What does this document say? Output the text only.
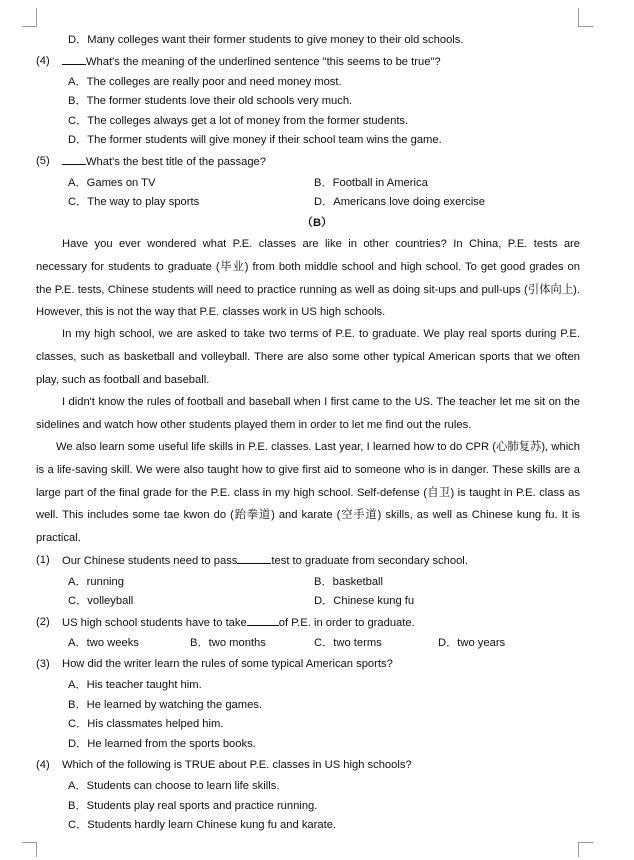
D．Many colleges want their former students to give money to their old schools.
(4)	What's the meaning of the underlined sentence "this seems to be true"?
A．The colleges are really poor and need money most.
B．The former students love their old schools very much.
C．The colleges always get a lot of money from the former students.
D．The former students will give money if their school team wins the game.
(5)	What's the best title of the passage?
A．Games on TV	B．Football in America
C．The way to play sports	D．Americans love doing exercise
（B）
Have you ever wondered what P.E. classes are like in other countries? In China, P.E. tests are necessary for students to graduate (毕业) from both middle school and high school. To get good grades on the P.E. tests, Chinese students will need to practice running as well as doing sit-ups and pull-ups (引体向上). However, this is not the way that P.E. classes work in US high schools.
In my high school, we are asked to take two terms of P.E. to graduate. We play real sports during P.E. classes, such as basketball and volleyball. There are also some other typical American sports that we often play, such as football and baseball.
I didn't know the rules of football and baseball when I first came to the US. The teacher let me sit on the sidelines and watch how other students played them in order to let me find out the rules.
We also learn some useful life skills in P.E. classes. Last year, I learned how to do CPR (心肺复苏), which is a life-saving skill. We were also taught how to give first aid to someone who is in danger. These skills are a large part of the final grade for the P.E. class in my high school. Self-defense (自卫) is taught in P.E. class as well. This includes some tae kwon do (跆拳道) and karate (空手道) skills, as well as Chinese kung fu. It is practical.
(1) Our Chinese students need to pass	test to graduate from secondary school.
A．running	B．basketball
C．volleyball	D．Chinese kung fu
(2) US high school students have to take	of P.E. in order to graduate.
A．two weeks	B．two months	C．two terms	D．two years
(3) How did the writer learn the rules of some typical American sports?
A．His teacher taught him.
B．He learned by watching the games.
C．His classmates helped him.
D．He learned from the sports books.
(4) Which of the following is TRUE about P.E. classes in US high schools?
A．Students can choose to learn life skills.
B．Students play real sports and practice running.
C．Students hardly learn Chinese kung fu and karate.
